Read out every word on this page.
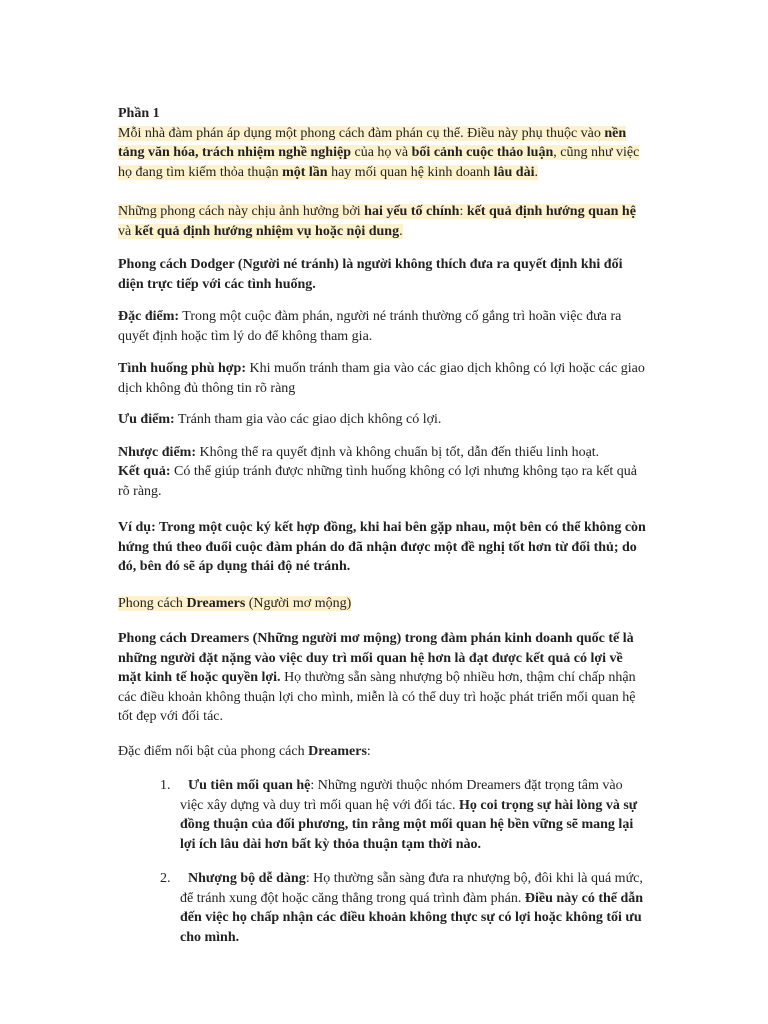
Phần 1

Mỗi nhà đàm phán áp dụng một phong cách đàm phán cụ thể. Điều này phụ thuộc vào nền tảng văn hóa, trách nhiệm nghề nghiệp của họ và bối cảnh cuộc thảo luận, cũng như việc họ đang tìm kiếm thỏa thuận một lần hay mối quan hệ kinh doanh lâu dài.

Những phong cách này chịu ảnh hưởng bởi hai yếu tố chính: kết quả định hướng quan hệ và kết quả định hướng nhiệm vụ hoặc nội dung.

Phong cách Dodger (Người né tránh) là người không thích đưa ra quyết định khi đối diện trực tiếp với các tình huống.

Đặc điểm: Trong một cuộc đàm phán, người né tránh thường cố gắng trì hoãn việc đưa ra quyết định hoặc tìm lý do để không tham gia.

Tình huống phù hợp: Khi muốn tránh tham gia vào các giao dịch không có lợi hoặc các giao dịch không đủ thông tin rõ ràng

Ưu điểm: Tránh tham gia vào các giao dịch không có lợi.

Nhược điểm: Không thể ra quyết định và không chuẩn bị tốt, dẫn đến thiếu linh hoạt.

Kết quả: Có thể giúp tránh được những tình huống không có lợi nhưng không tạo ra kết quả rõ ràng.

Ví dụ: Trong một cuộc ký kết hợp đồng, khi hai bên gặp nhau, một bên có thể không còn hứng thú theo đuổi cuộc đàm phán do đã nhận được một đề nghị tốt hơn từ đối thủ; do đó, bên đó sẽ áp dụng thái độ né tránh.

Phong cách Dreamers (Người mơ mộng)

Phong cách Dreamers (Những người mơ mộng) trong đàm phán kinh doanh quốc tế là những người đặt nặng vào việc duy trì mối quan hệ hơn là đạt được kết quả có lợi về mặt kinh tế hoặc quyền lợi. Họ thường sẵn sàng nhượng bộ nhiều hơn, thậm chí chấp nhận các điều khoản không thuận lợi cho mình, miễn là có thể duy trì hoặc phát triển mối quan hệ tốt đẹp với đối tác.

Đặc điểm nổi bật của phong cách Dreamers:

1. Ưu tiên mối quan hệ: Những người thuộc nhóm Dreamers đặt trọng tâm vào việc xây dựng và duy trì mối quan hệ với đối tác. Họ coi trọng sự hài lòng và sự đồng thuận của đối phương, tin rằng một mối quan hệ bền vững sẽ mang lại lợi ích lâu dài hơn bất kỳ thỏa thuận tạm thời nào.
2. Nhượng bộ dễ dàng: Họ thường sẵn sàng đưa ra nhượng bộ, đôi khi là quá mức, để tránh xung đột hoặc căng thẳng trong quá trình đàm phán. Điều này có thể dẫn đến việc họ chấp nhận các điều khoản không thực sự có lợi hoặc không tối ưu cho mình.
